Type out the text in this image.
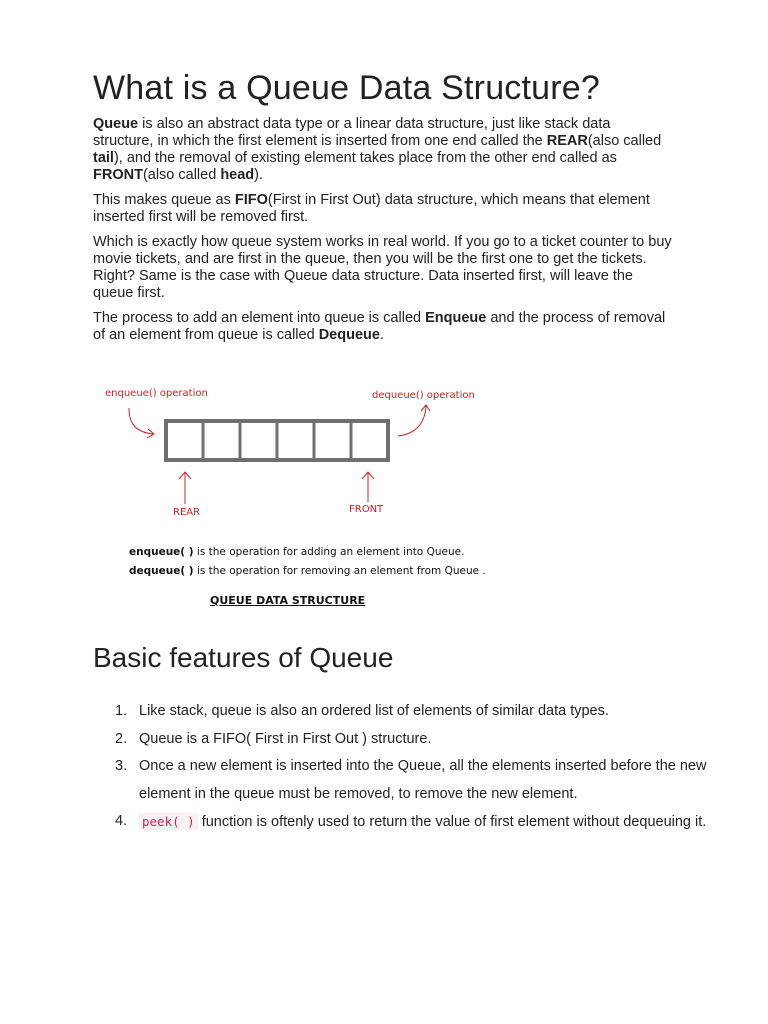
What is a Queue Data Structure?

Queue is also an abstract data type or a linear data structure, just like stack data structure, in which the first element is inserted from one end called the REAR(also called tail), and the removal of existing element takes place from the other end called as FRONT(also called head).

This makes queue as FIFO(First in First Out) data structure, which means that element inserted first will be removed first.

Which is exactly how queue system works in real world. If you go to a ticket counter to buy movie tickets, and are first in the queue, then you will be the first one to get the tickets. Right? Same is the case with Queue data structure. Data inserted first, will leave the queue first.

The process to add an element into queue is called Enqueue and the process of removal of an element from queue is called Dequeue.

enqueue() operation	dequeue() operation
REAR	FRONT
enqueue( ) is the operation for adding an element into Queue.
dequeue( ) is the operation for removing an element from Queue .
QUEUE DATA STRUCTURE
Basic features of Queue
1. Like stack, queue is also an ordered list of elements of similar data types.
2. Queue is a FIFO( First in First Out ) structure.
3. Once a new element is inserted into the Queue, all the elements inserted before the new element in the queue must be removed, to remove the new element.
4. peek( ) function is oftenly used to return the value of first element without dequeuing it.
